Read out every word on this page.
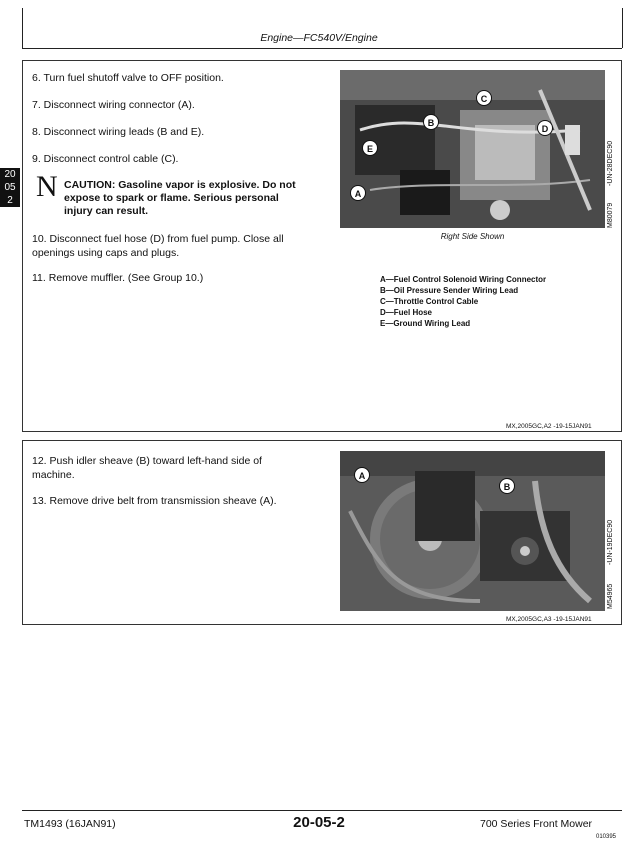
Engine—FC540V/Engine
20
05
2
6. Turn fuel shutoff valve to OFF position.
7. Disconnect wiring connector (A).
8. Disconnect wiring leads (B and E).
9. Disconnect control cable (C).
N CAUTION: Gasoline vapor is explosive. Do not
expose to spark or flame. Serious personal
injury can result.
10. Disconnect fuel hose (D) from fuel pump. Close all
openings using caps and plugs.
11. Remove muffler. (See Group 10.)
C
B
D
E
A
M80079
-UN-28DEC90
Right Side Shown
A—Fuel Control Solenoid Wiring Connector
B—Oil Pressure Sender Wiring Lead
C—Throttle Control Cable
D—Fuel Hose
E—Ground Wiring Lead
MX,2005GC,A2 -19-15JAN91
12. Push idler sheave (B) toward left-hand side of
machine.
13. Remove drive belt from transmission sheave (A).
A
B
M54965
-UN-19DEC90
MX,2005GC,A3 -19-15JAN91
TM1493 (16JAN91)	20-05-2	700 Series Front Mower
010395
